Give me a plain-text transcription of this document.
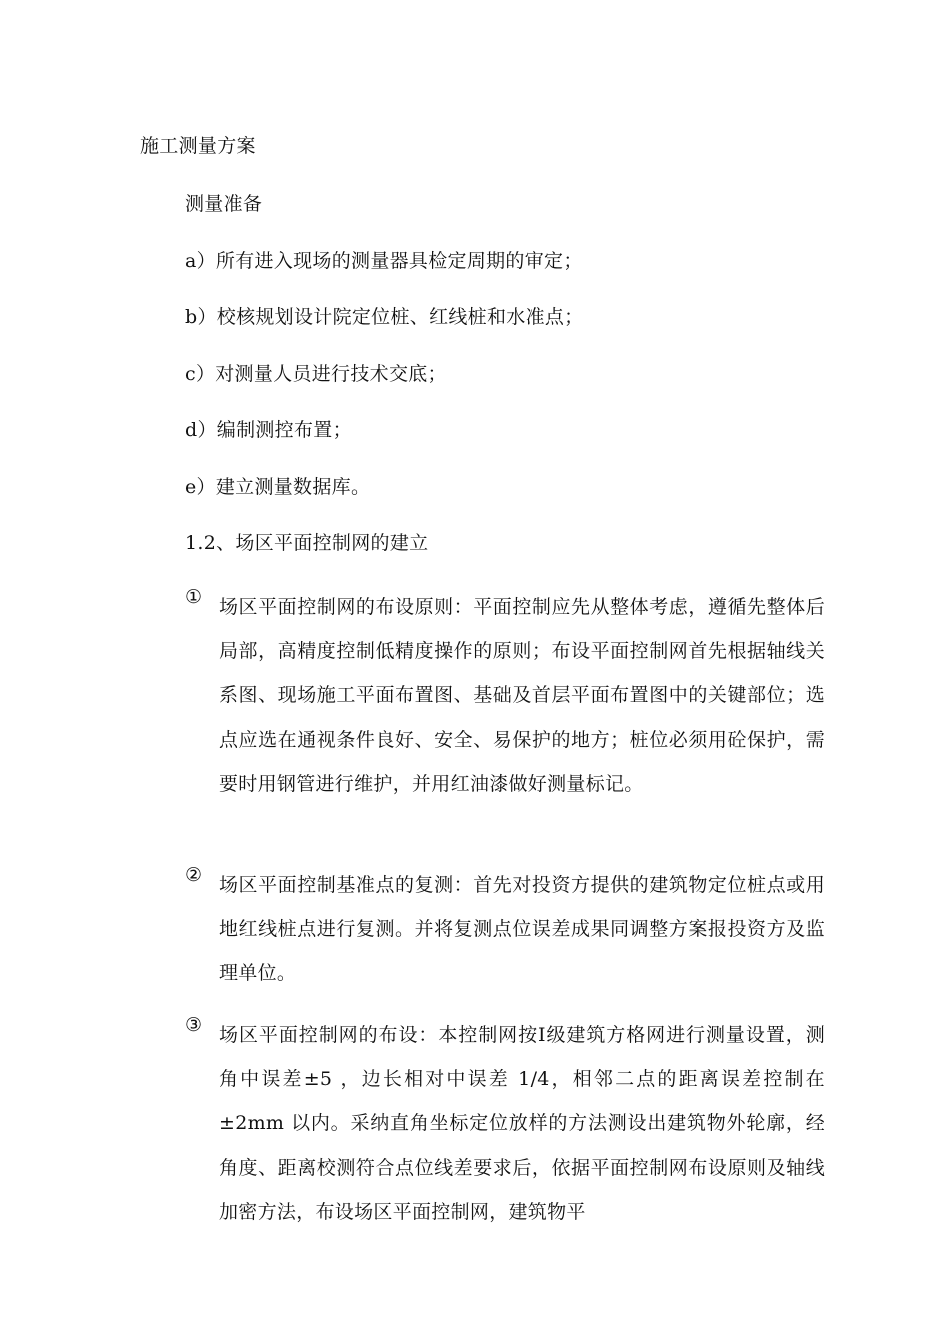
施工测量方案

测量准备

a）所有进入现场的测量器具检定周期的审定；

b）校核规划设计院定位桩、红线桩和水准点；

c）对测量人员进行技术交底；

d）编制测控布置；

e）建立测量数据库。

1.2、场区平面控制网的建立

① 场区平面控制网的布设原则：平面控制应先从整体考虑，遵循先整体后局部，高精度控制低精度操作的原则；布设平面控制网首先根据轴线关系图、现场施工平面布置图、基础及首层平面布置图中的关键部位；选点应选在通视条件良好、安全、易保护的地方；桩位必须用砼保护，需要时用钢管进行维护，并用红油漆做好测量标记。

② 场区平面控制基准点的复测：首先对投资方提供的建筑物定位桩点或用地红线桩点进行复测。并将复测点位误差成果同调整方案报投资方及监理单位。

③ 场区平面控制网的布设：本控制网按Ⅰ级建筑方格网进行测量设置，测角中误差±5 ，边长相对中误差 1/4，相邻二点的距离误差控制在±2mm 以内。采纳直角坐标定位放样的方法测设出建筑物外轮廓，经角度、距离校测符合点位线差要求后，依据平面控制网布设原则及轴线加密方法，布设场区平面控制网，建筑物平
